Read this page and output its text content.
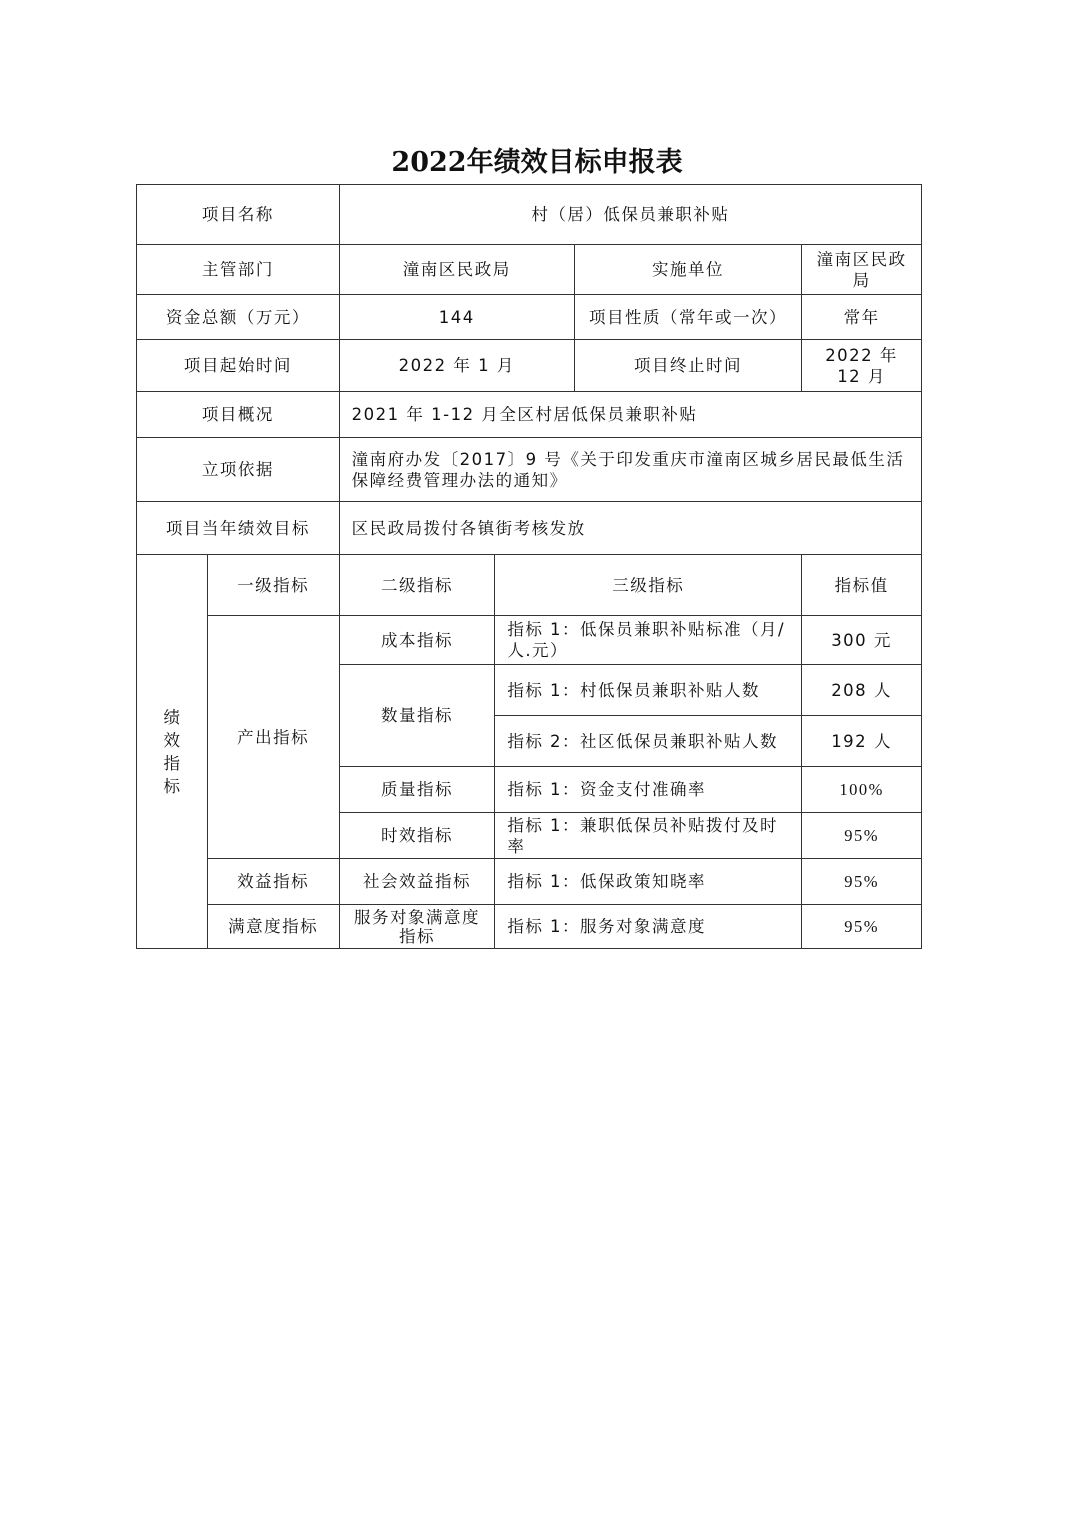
2022年绩效目标申报表
项目名称		村（居）低保员兼职补贴			
主管部门		潼南区民政局		实施单位	潼南区民政局
资金总额（万元）		144		项目性质（常年或一次）	常年
项目起始时间		2022 年 1 月		项目终止时间	2022 年 12 月
项目概况		2021 年 1-12 月全区村居低保员兼职补贴			
立项依据		潼南府办发〔2017〕9 号《关于印发重庆市潼南区城乡居民最低生活保障经费管理办法的通知》			
项目当年绩效目标		区民政局拨付各镇街考核发放			
绩效指标	一级指标	二级指标	三级指标		指标值
	产出指标	成本指标	指标 1：低保员兼职补贴标准（月/人.元）		300 元
		数量指标	指标 1：村低保员兼职补贴人数		208 人
			指标 2：社区低保员兼职补贴人数		192 人
		质量指标	指标 1：资金支付准确率		100%
		时效指标	指标 1：兼职低保员补贴拨付及时率		95%
	效益指标	社会效益指标	指标 1：低保政策知晓率		95%
	满意度指标	服务对象满意度指标	指标 1：服务对象满意度		95%
